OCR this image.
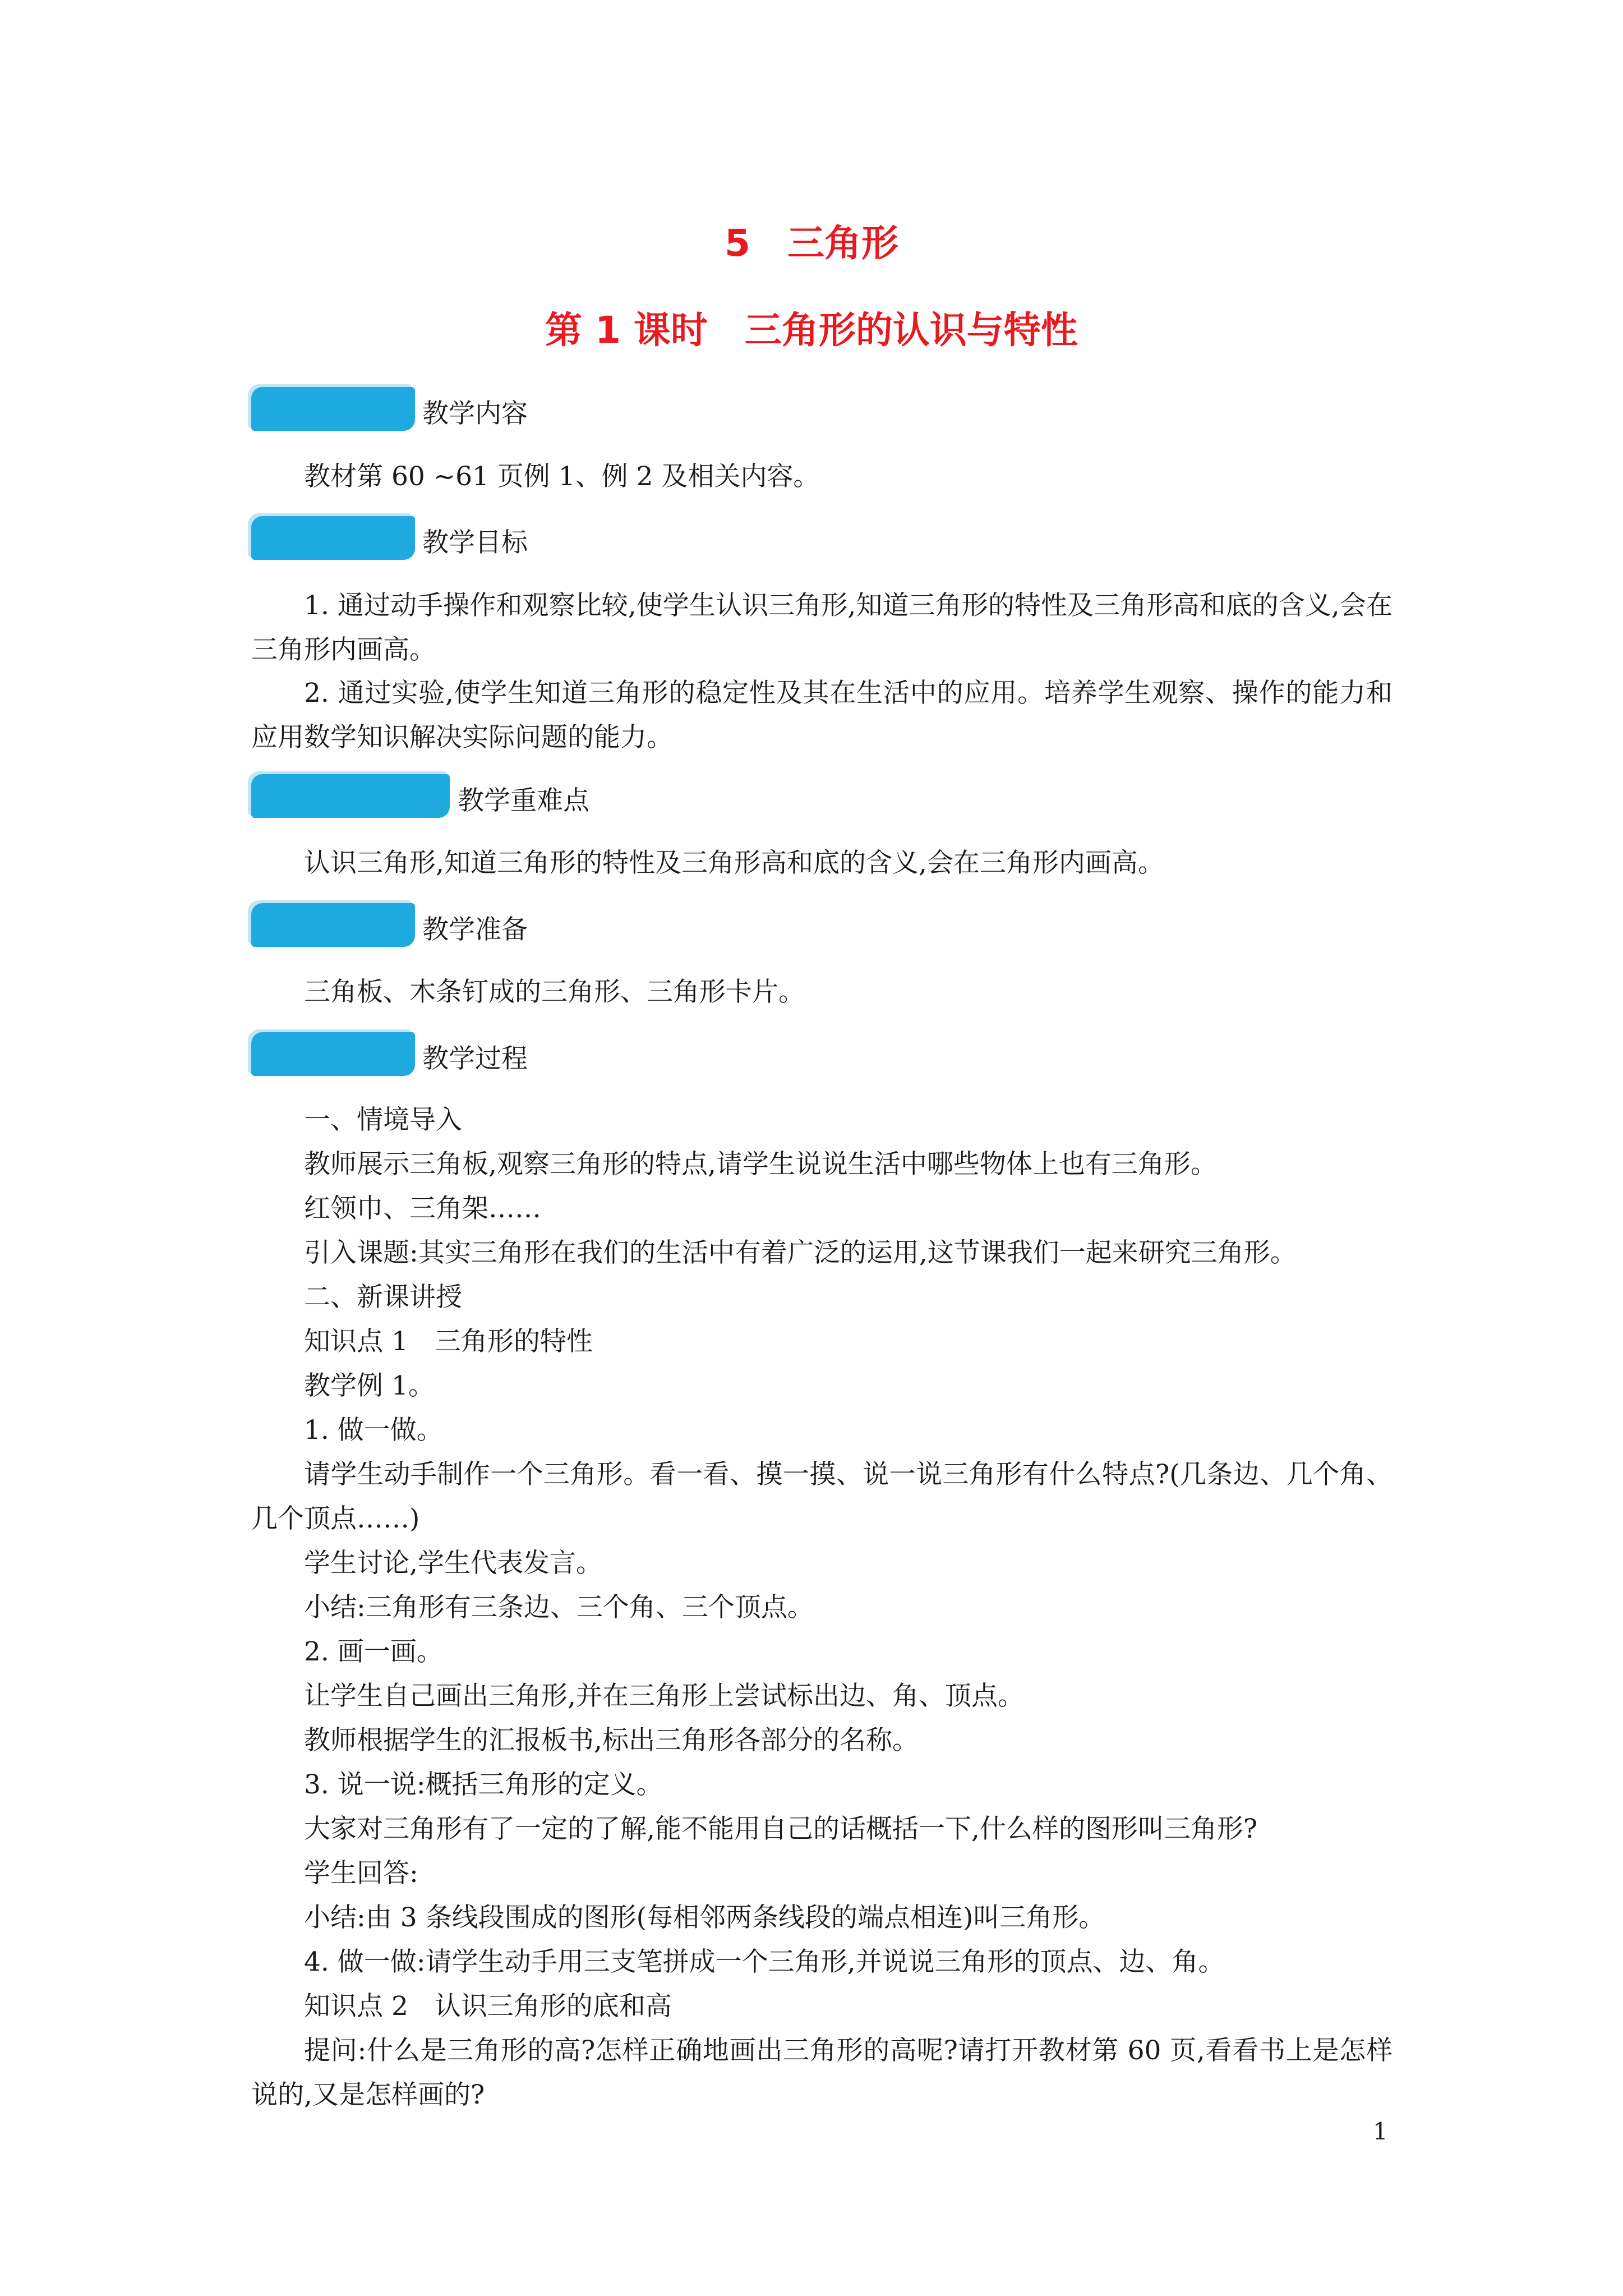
5　三角形
第 1 课时　三角形的认识与特性
教学内容

教材第 60 ~61 页例 1、例 2 及相关内容。

教学目标

1. 通过动手操作和观察比较,使学生认识三角形,知道三角形的特性及三角形高和底的含义,会在三角形内画高。

2. 通过实验,使学生知道三角形的稳定性及其在生活中的应用。培养学生观察、操作的能力和应用数学知识解决实际问题的能力。

教学重难点

认识三角形,知道三角形的特性及三角形高和底的含义,会在三角形内画高。

教学准备

三角板、木条钉成的三角形、三角形卡片。

教学过程

一、情境导入

教师展示三角板,观察三角形的特点,请学生说说生活中哪些物体上也有三角形。

红领巾、三角架……

引入课题:其实三角形在我们的生活中有着广泛的运用,这节课我们一起来研究三角形。

二、新课讲授

知识点 1　三角形的特性

教学例 1。

1. 做一做。

请学生动手制作一个三角形。看一看、摸一摸、说一说三角形有什么特点?(几条边、几个角、几个顶点……)

学生讨论,学生代表发言。

小结:三角形有三条边、三个角、三个顶点。

2. 画一画。

让学生自己画出三角形,并在三角形上尝试标出边、角、顶点。

教师根据学生的汇报板书,标出三角形各部分的名称。

3. 说一说:概括三角形的定义。

大家对三角形有了一定的了解,能不能用自己的话概括一下,什么样的图形叫三角形?

学生回答:

小结:由 3 条线段围成的图形(每相邻两条线段的端点相连)叫三角形。

4. 做一做:请学生动手用三支笔拼成一个三角形,并说说三角形的顶点、边、角。

知识点 2　认识三角形的底和高

提问:什么是三角形的高?怎样正确地画出三角形的高呢?请打开教材第 60 页,看看书上是怎样说的,又是怎样画的?

1
